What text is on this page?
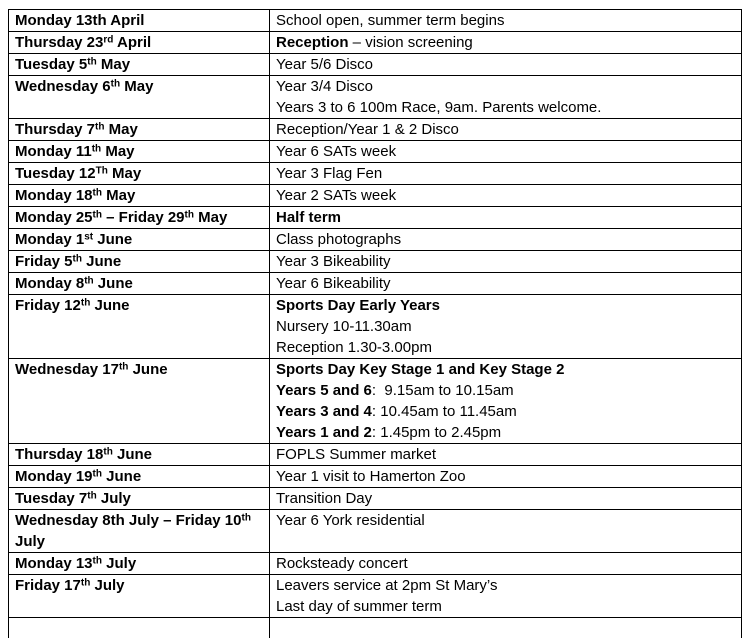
Monday 13th April	School open, summer term begins

Thursday 23rd April	Reception – vision screening

Tuesday 5th May	Year 5/6 Disco

Wednesday 6th May	Year 3/4 Disco
Years 3 to 6 100m Race, 9am. Parents welcome.

Thursday 7th May	Reception/Year 1 & 2 Disco

Monday 11th May	Year 6 SATs week

Tuesday 12Th May	Year 3 Flag Fen

Monday 18th May	Year 2 SATs week

Monday 25th – Friday 29th May	Half term

Monday 1st June	Class photographs

Friday 5th June	Year 3 Bikeability

Monday 8th June	Year 6 Bikeability

Friday 12th June	Sports Day Early Years
Nursery 10-11.30am
Reception 1.30-3.00pm

Wednesday 17th June	Sports Day Key Stage 1 and Key Stage 2
Years 5 and 6:  9.15am to 10.15am
Years 3 and 4: 10.45am to 11.45am
Years 1 and 2: 1.45pm to 2.45pm

Thursday 18th June	FOPLS Summer market

Monday 19th June	Year 1 visit to Hamerton Zoo

Tuesday 7th July	Transition Day

Wednesday 8th July – Friday 10th
July	Year 6 York residential

Monday 13th July	Rocksteady concert

Friday 17th July	Leavers service at 2pm St Mary’s
Last day of summer term
